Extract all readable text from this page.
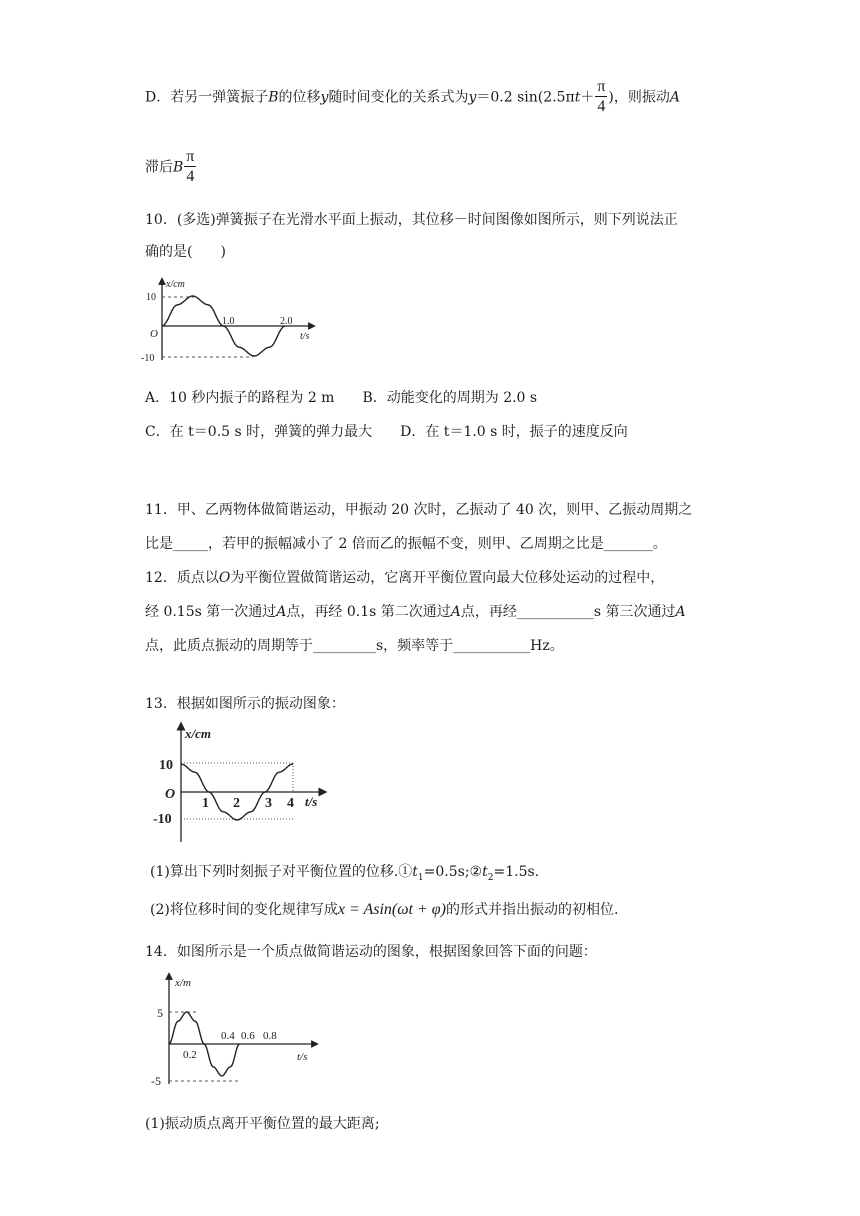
D．若另一弹簧振子B的位移y随时间变化的关系式为y＝0.2 $\sin(2.5\pi t+ \frac{\pi}{4}$ )，则振动A
滞后B $\frac{\pi}{4}$
10．(多选)弹簧振子在光滑水平面上振动，其位移－时间图像如图所示，则下列说法正
确的是(　　)
x/cm
t/s
O
10
-10
1.0	2.0
A．10 秒内振子的路程为 2 m　　B．动能变化的周期为 2.0 s
C．在 t＝0.5 s 时，弹簧的弹力最大　　D．在 t＝1.0 s 时，振子的速度反向
11．甲、乙两物体做简谐运动，甲振动 20 次时，乙振动了 40 次，则甲、乙振动周期之
比是_____，若甲的振幅减小了 2 倍而乙的振幅不变，则甲、乙周期之比是_______。
12．质点以O为平衡位置做简谐运动，它离开平衡位置向最大位移处运动的过程中，
经 0.15s 第一次通过A点，再经 0.1s 第二次通过A点，再经___________s 第三次通过A
点，此质点振动的周期等于_________s，频率等于___________Hz。
13．根据如图所示的振动图象：
x/cm
t/s
O
10
-10
1 2 3 4
(1)算出下列时刻振子对平衡位置的位移$.①t_1=0.5s;②t_2=1.5s$.
(2)将位移时间的变化规律写成x = Asin(ωt + φ)的形式并指出振动的初相位.
14．如图所示是一个质点做简谐运动的图象，根据图象回答下面的问题：
x/m
t/s
5
-5
0.2
0.4 0.6 0.8
(1)振动质点离开平衡位置的最大距离;
